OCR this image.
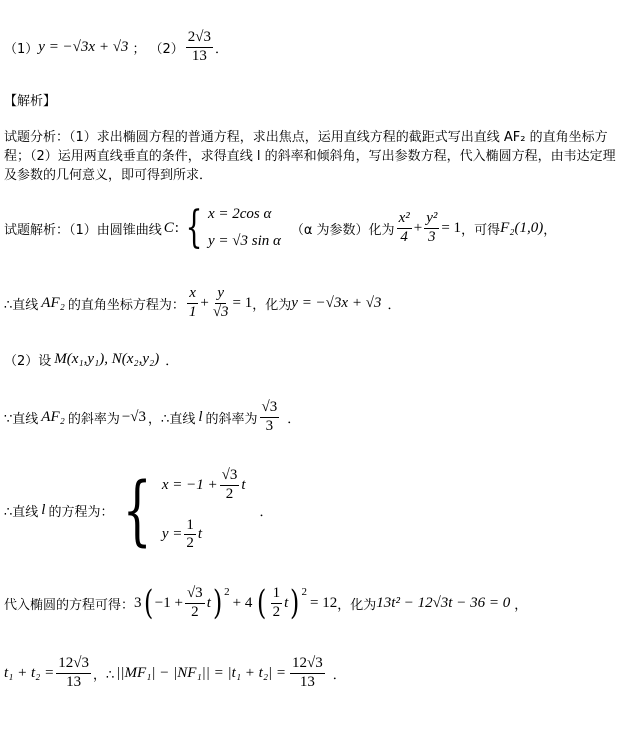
（1） y = −√3x + √3 ； $(2) \frac{2√3}{13}$ ．
【解析】
试题分析：（1）求出椭圆方程的普通方程，求出焦点，运用直线方程的截距式写出直线 AF₂ 的直角坐标方程；（2）运用两直线垂直的条件，求得直线 l 的斜率和倾斜角，写出参数方程，代入椭圆方程，由韦达定理及参数的几何意义，即可得到所求．
试题解析：（1）由圆锥曲线 C : { x = 2cos α
y = √3 sin α
（α 为参数）化为 $\frac{\text{x²}}{4} + \frac{\text{y²}}{3} = 1$ ，可得 F₂(1,0) ，
∴直线 AF₂ 的直角坐标方程为： $\frac{x}{1} + \frac{y}{√3} = 1$ ，化为 y = −√3x + √3 ．
（2）设 M(x₁,y₁), N(x₂,y₂) ．
∵直线 AF₂ 的斜率为 −√3 ，∴直线 l 的斜率为 $\frac{√3}{3}$ ．
∴直线 l 的方程为： { $x = -1 + \frac{√3}{2}$ t
$y = \frac{1}{2}$ t
．
代入椭圆的方程可得： 3 ( $-1 + \frac{√3}{2}$ t ) 2
+ 4 ( $\frac{1}{2}$ t ) 2
= 12 ，化为 13t² − 12√3t − 36 = 0 ，
$t_1 + t_2 = \frac{12√3}{13}$ ，∴ $||MF_1| - |NF_1|| = |t_1 + t_2| = \frac{12√3}{13}$ ．
